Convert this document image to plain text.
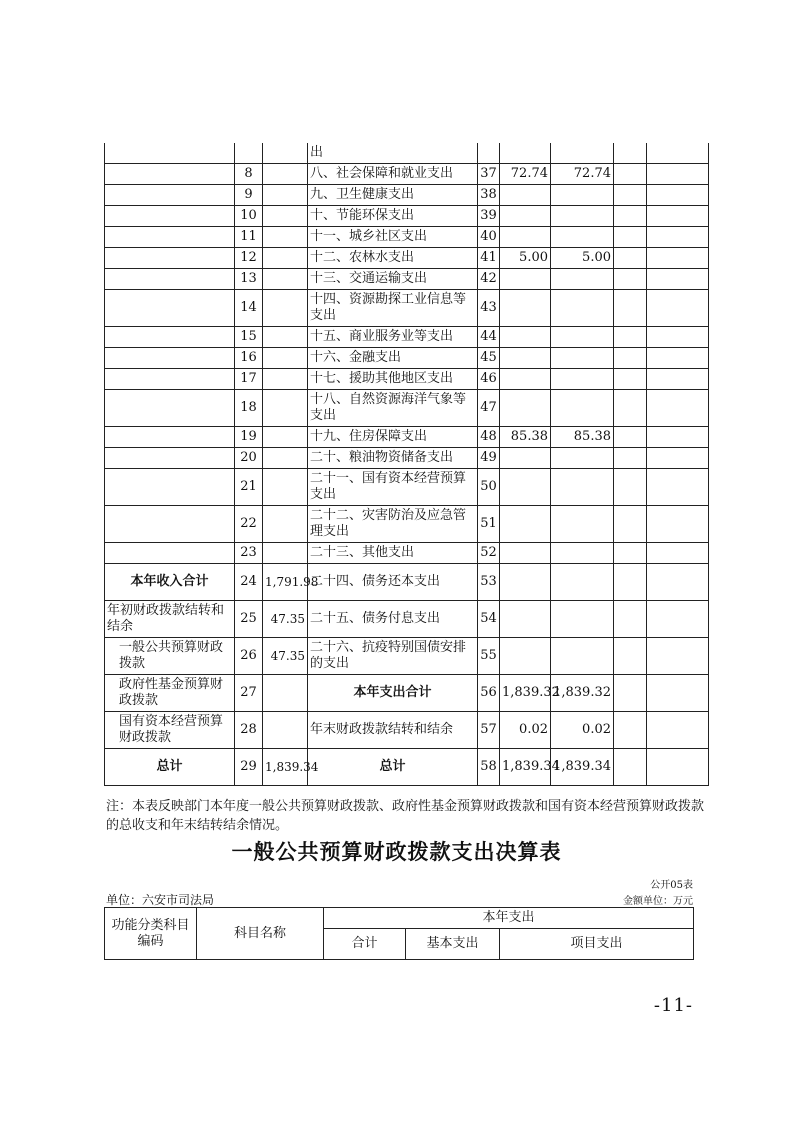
			出					
	8		八、社会保障和就业支出	37	72.74	72.74		
	9		九、卫生健康支出	38				
	10		十、节能环保支出	39				
	11		十一、城乡社区支出	40				
	12		十二、农林水支出	41	5.00	5.00		
	13		十三、交通运输支出	42				
	14		十四、资源勘探工业信息等支出	43				
	15		十五、商业服务业等支出	44				
	16		十六、金融支出	45				
	17		十七、援助其他地区支出	46				
	18		十八、自然资源海洋气象等支出	47				
	19		十九、住房保障支出	48	85.38	85.38		
	20		二十、粮油物资储备支出	49				
	21		二十一、国有资本经营预算支出	50				
	22		二十二、灾害防治及应急管理支出	51				
	23		二十三、其他支出	52				
本年收入合计	24	1,791.98	二十四、债务还本支出	53				
年初财政拨款结转和结余	25	47.35	二十五、债务付息支出	54				
一般公共预算财政拨款	26	47.35	二十六、抗疫特别国债安排的支出	55				
政府性基金预算财政拨款	27		本年支出合计	56	1,839.32	1,839.32		
国有资本经营预算财政拨款	28		年末财政拨款结转和结余	57	0.02	0.02		
总计	29	1,839.34	总计	58	1,839.34	1,839.34		
注：本表反映部门本年度一般公共预算财政拨款、政府性基金预算财政拨款和国有资本经营预算财政拨款的总收支和年末结转结余情况。
一般公共预算财政拨款支出决算表
公开05表
单位：六安市司法局	金额单位：万元
功能分类科目编码	科目名称	本年支出		
		合计	基本支出	项目支出
-11-
